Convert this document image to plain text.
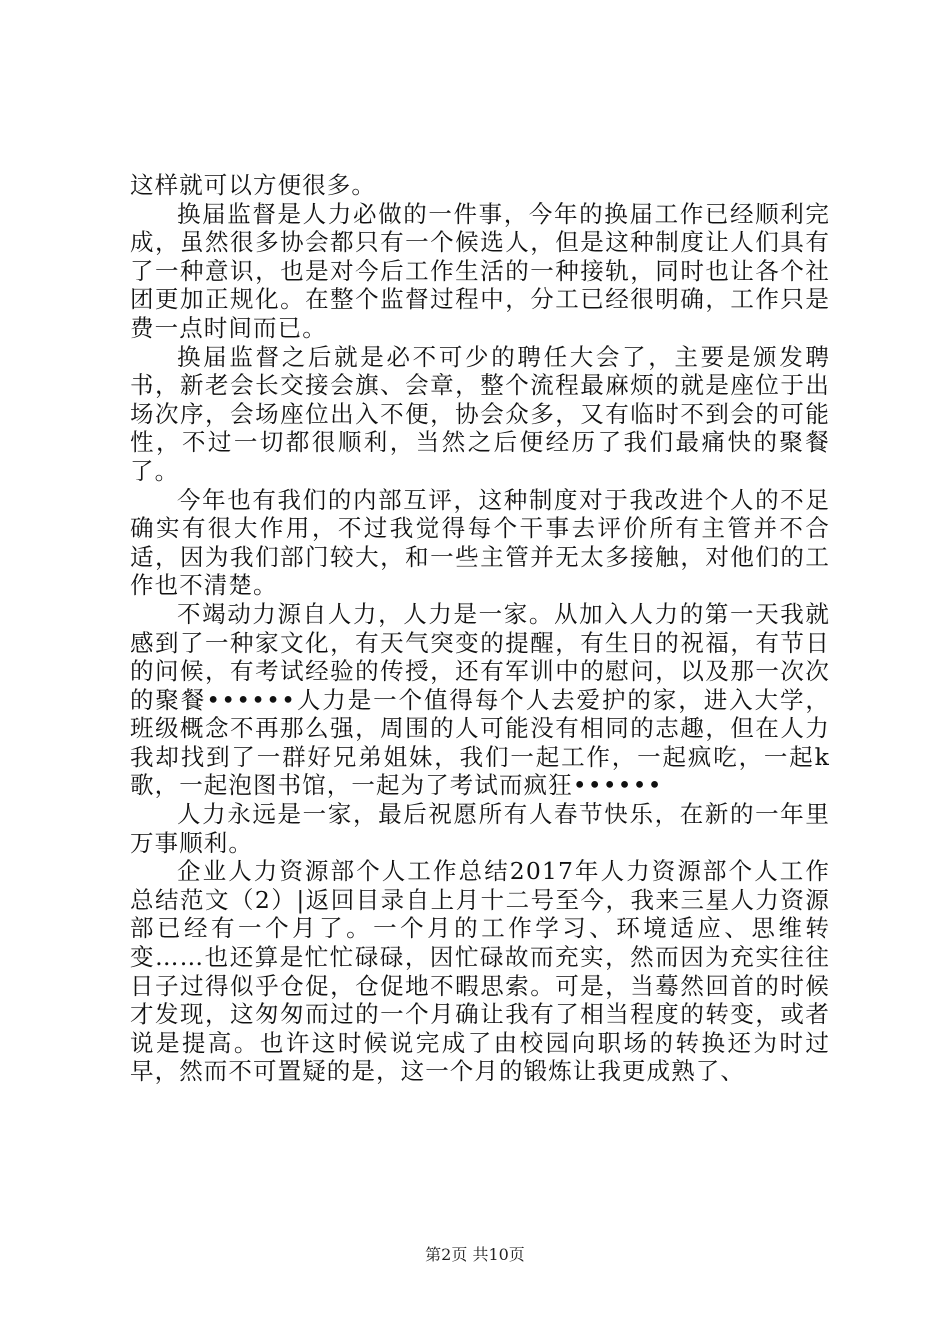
这样就可以方便很多。

换届监督是人力必做的一件事，今年的换届工作已经顺利完成，虽然很多协会都只有一个候选人，但是这种制度让人们具有了一种意识，也是对今后工作生活的一种接轨，同时也让各个社团更加正规化。在整个监督过程中，分工已经很明确，工作只是费一点时间而已。

换届监督之后就是必不可少的聘任大会了，主要是颁发聘书，新老会长交接会旗、会章，整个流程最麻烦的就是座位于出场次序，会场座位出入不便，协会众多，又有临时不到会的可能性，不过一切都很顺利，当然之后便经历了我们最痛快的聚餐了。

今年也有我们的内部互评，这种制度对于我改进个人的不足确实有很大作用，不过我觉得每个干事去评价所有主管并不合适，因为我们部门较大，和一些主管并无太多接触，对他们的工作也不清楚。

不竭动力源自人力，人力是一家。从加入人力的第一天我就感到了一种家文化，有天气突变的提醒，有生日的祝福，有节日的问候，有考试经验的传授，还有军训中的慰问，以及那一次次的聚餐••••••人力是一个值得每个人去爱护的家，进入大学，班级概念不再那么强，周围的人可能没有相同的志趣，但在人力我却找到了一群好兄弟姐妹，我们一起工作，一起疯吃，一起k歌，一起泡图书馆，一起为了考试而疯狂••••••

人力永远是一家，最后祝愿所有人春节快乐，在新的一年里万事顺利。

企业人力资源部个人工作总结2017年人力资源部个人工作总结范文（2）|返回目录自上月十二号至今，我来三星人力资源部已经有一个月了。一个月的工作学习、环境适应、思维转变……也还算是忙忙碌碌，因忙碌故而充实，然而因为充实往往日子过得似乎仓促，仓促地不暇思索。可是，当蓦然回首的时候才发现，这匆匆而过的一个月确让我有了相当程度的转变，或者说是提高。也许这时候说完成了由校园向职场的转换还为时过早，然而不可置疑的是，这一个月的锻炼让我更成熟了、

第2页 共10页
